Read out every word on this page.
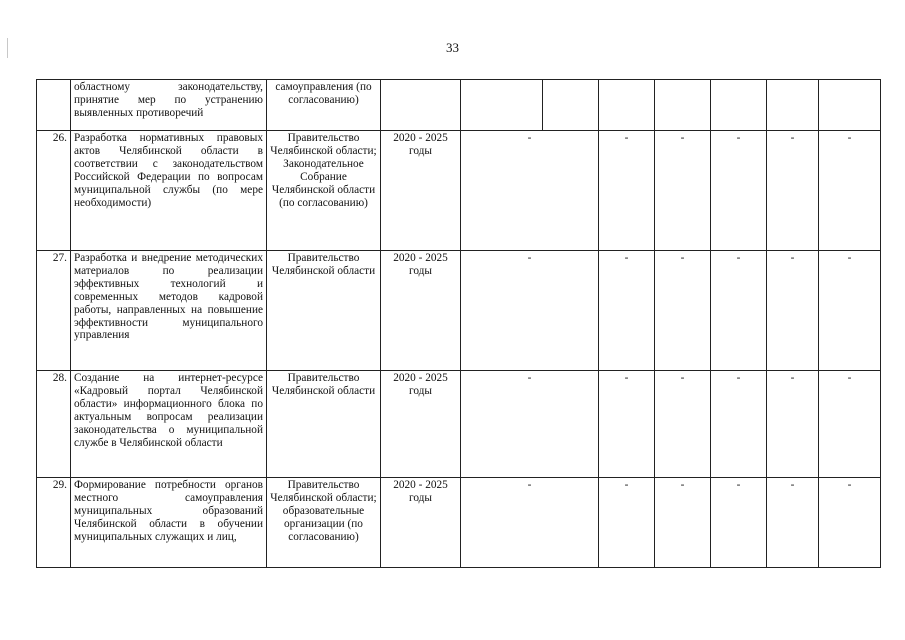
33
	областному законодательству, принятие мер по устранению выявленных противоречий	самоуправления (по согласованию)									
26.	Разработка нормативных правовых актов Челябинской области в соответствии с законодательством Российской Федерации по вопросам муниципальной службы (по мере необходимости)	Правительство Челябинской области; Законодательное Собрание Челябинской области (по согласованию)	2020 - 2025 годы	-		-	-	-	-	-	
27.	Разработка и внедрение методических материалов по реализации эффективных технологий и современных методов кадровой работы, направленных на повышение эффективности муниципального управления	Правительство Челябинской области	2020 - 2025 годы	-		-	-	-	-	-	
28.	Создание на интернет-ресурсе «Кадровый портал Челябинской области» информационного блока по актуальным вопросам реализации законодательства о муниципальной службе в Челябинской области	Правительство Челябинской области	2020 - 2025 годы	-		-	-	-	-	-	
29.	Формирование потребности органов местного самоуправления муниципальных образований Челябинской области в обучении муниципальных служащих и лиц,	Правительство Челябинской области; образовательные организации (по согласованию)	2020 - 2025 годы	-		-	-	-	-	-	
